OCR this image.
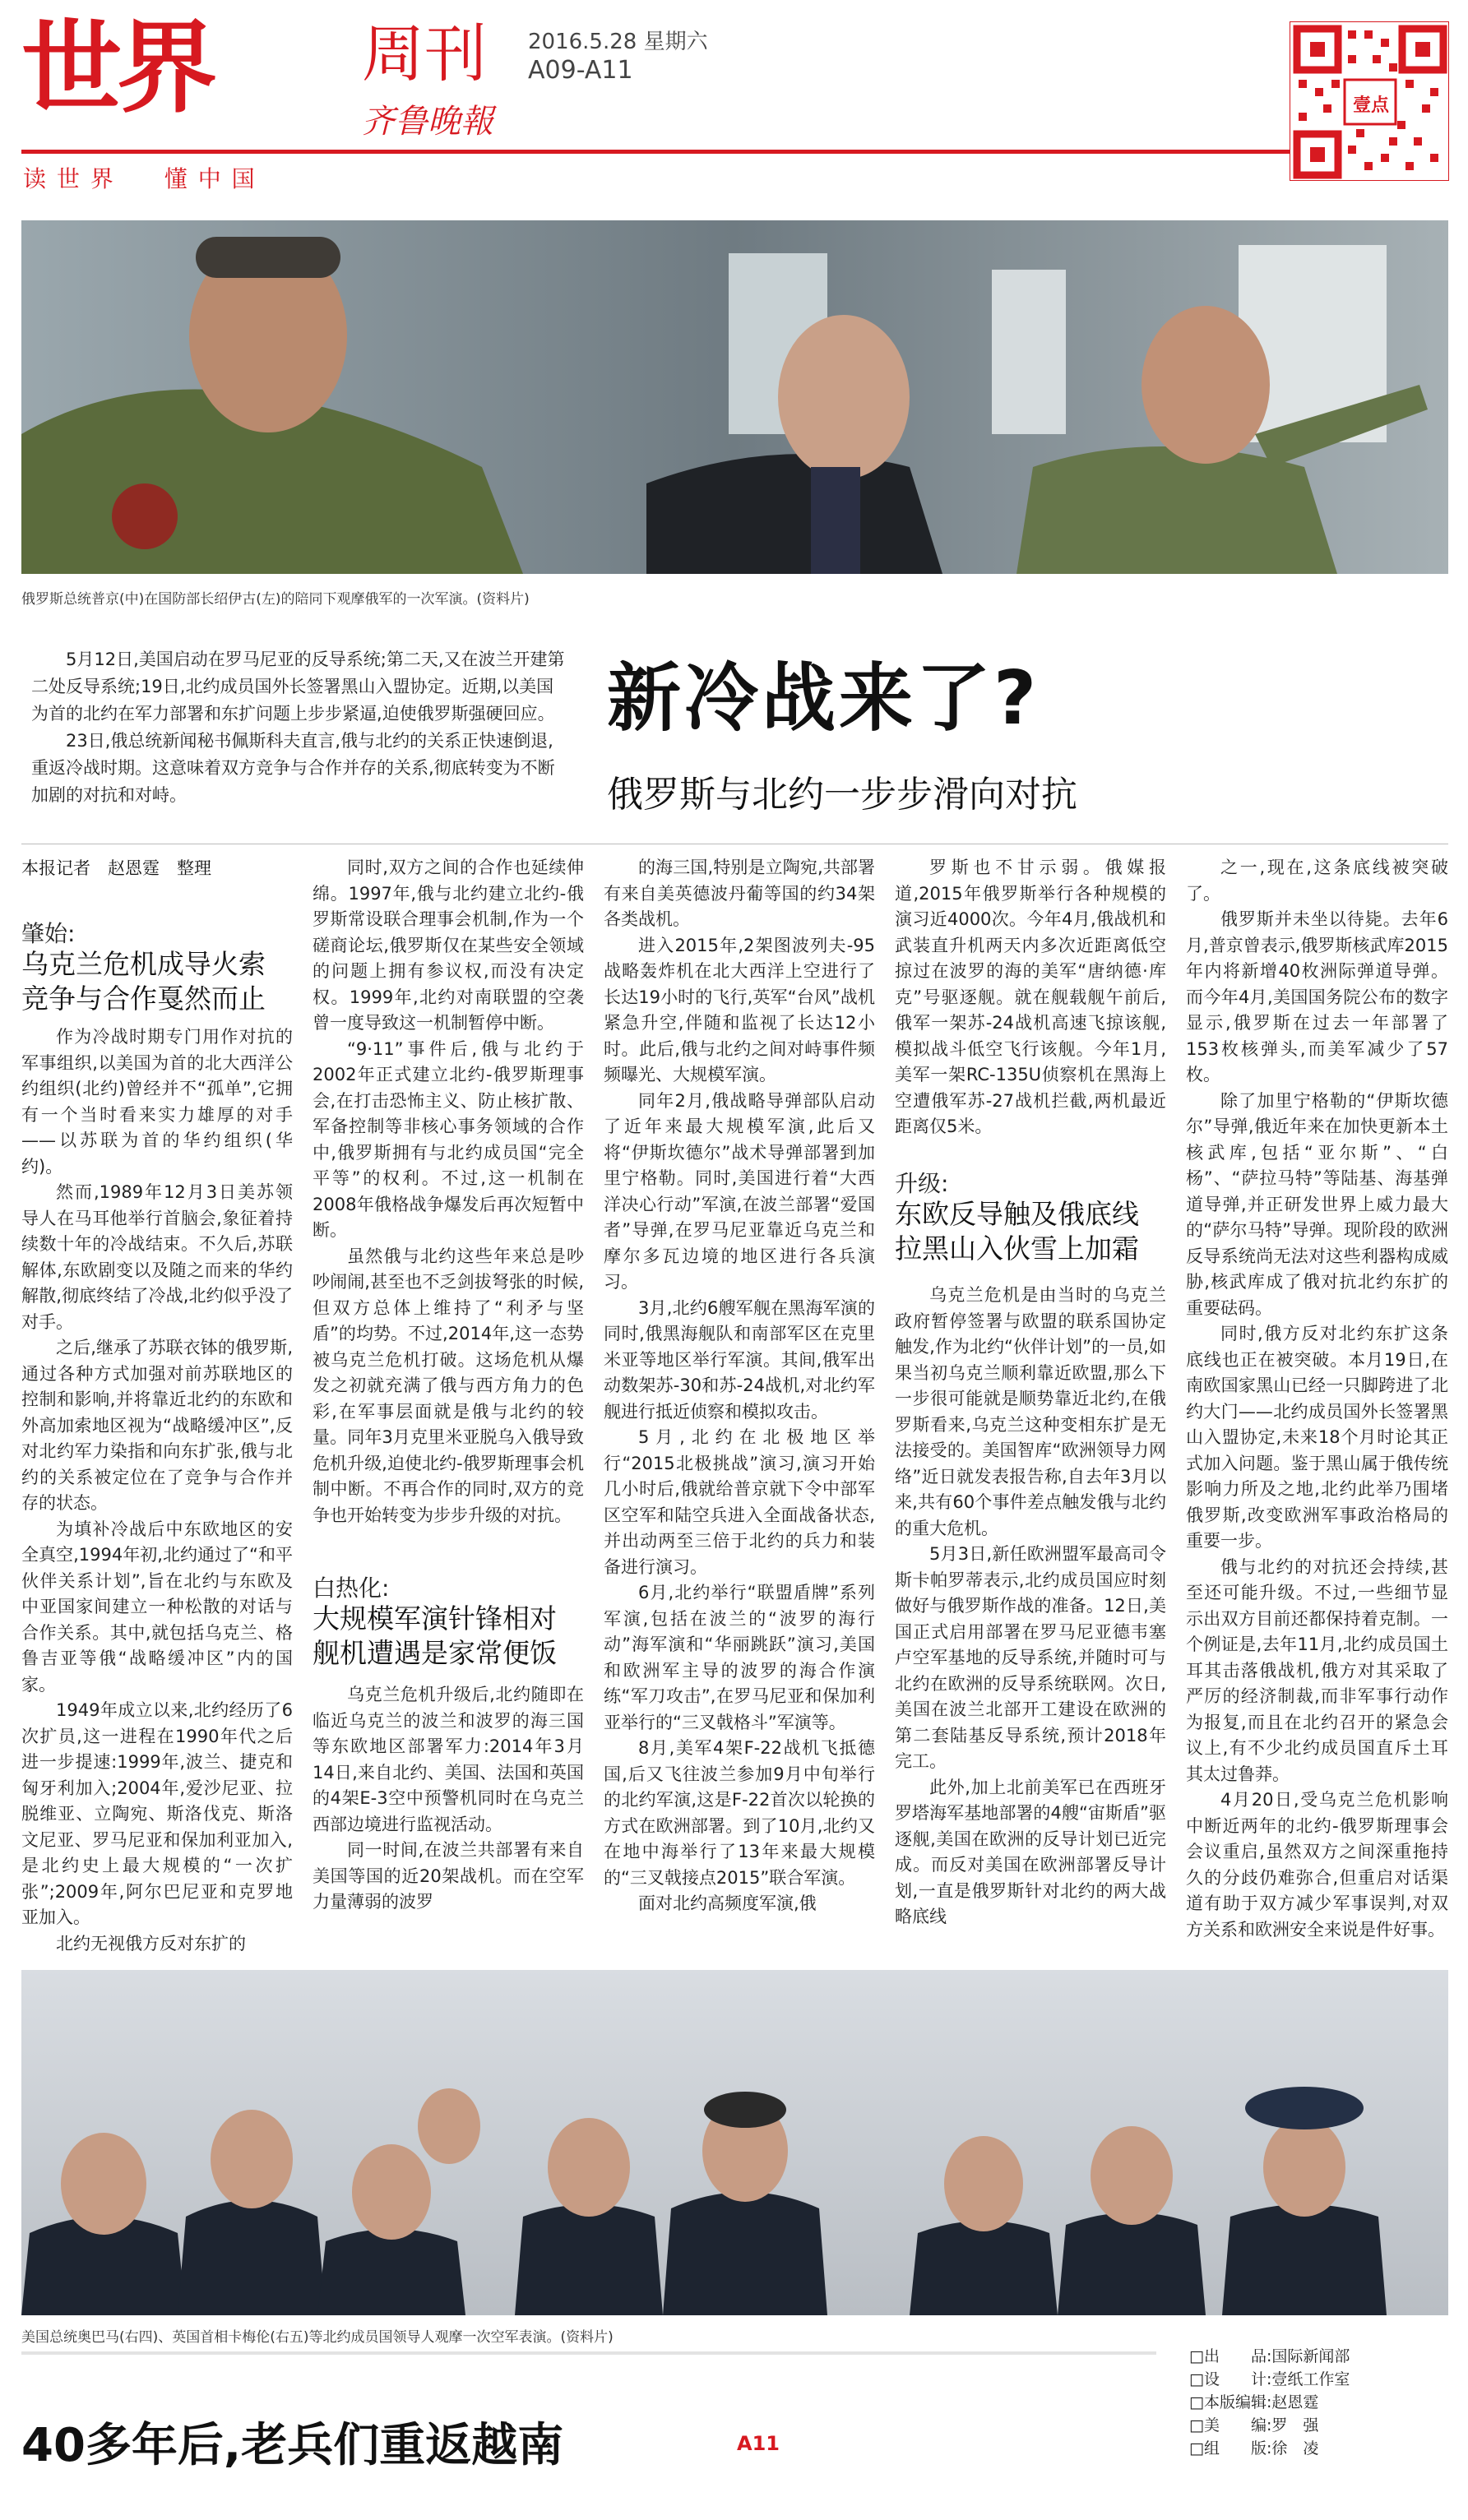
世界 周刊
齐鲁晚報
2016.5.28 星期六
A09-A11
读 世 界　　懂 中 国
壹点
俄罗斯总统普京(中)在国防部长绍伊古(左)的陪同下观摩俄军的一次军演。(资料片)

5月12日,美国启动在罗马尼亚的反导系统;第二天,又在波兰开建第二处反导系统;19日,北约成员国外长签署黑山入盟协定。近期,以美国为首的北约在军力部署和东扩问题上步步紧逼,迫使俄罗斯强硬回应。

23日,俄总统新闻秘书佩斯科夫直言,俄与北约的关系正快速倒退,重返冷战时期。这意味着双方竞争与合作并存的关系,彻底转变为不断加剧的对抗和对峙。

新冷战来了?
俄罗斯与北约一步步滑向对抗
本报记者　赵恩霆　整理
肇始:
乌克兰危机成导火索 竞争与合作戛然而止

作为冷战时期专门用作对抗的军事组织,以美国为首的北大西洋公约组织(北约)曾经并不“孤单”,它拥有一个当时看来实力雄厚的对手——以苏联为首的华约组织(华约)。

然而,1989年12月3日美苏领导人在马耳他举行首脑会,象征着持续数十年的冷战结束。不久后,苏联解体,东欧剧变以及随之而来的华约解散,彻底终结了冷战,北约似乎没了对手。

之后,继承了苏联衣钵的俄罗斯,通过各种方式加强对前苏联地区的控制和影响,并将靠近北约的东欧和外高加索地区视为“战略缓冲区”,反对北约军力染指和向东扩张,俄与北约的关系被定位在了竞争与合作并存的状态。

为填补冷战后中东欧地区的安全真空,1994年初,北约通过了“和平伙伴关系计划”,旨在北约与东欧及中亚国家间建立一种松散的对话与合作关系。其中,就包括乌克兰、格鲁吉亚等俄“战略缓冲区”内的国家。

1949年成立以来,北约经历了6次扩员,这一进程在1990年代之后进一步提速:1999年,波兰、捷克和匈牙利加入;2004年,爱沙尼亚、拉脱维亚、立陶宛、斯洛伐克、斯洛文尼亚、罗马尼亚和保加利亚加入,是北约史上最大规模的“一次扩张”;2009年,阿尔巴尼亚和克罗地亚加入。

北约无视俄方反对东扩的

同时,双方之间的合作也延续伸绵。1997年,俄与北约建立北约-俄罗斯常设联合理事会机制,作为一个磋商论坛,俄罗斯仅在某些安全领域的问题上拥有参议权,而没有决定权。1999年,北约对南联盟的空袭曾一度导致这一机制暂停中断。

“9·11”事件后,俄与北约于2002年正式建立北约-俄罗斯理事会,在打击恐怖主义、防止核扩散、军备控制等非核心事务领域的合作中,俄罗斯拥有与北约成员国“完全平等”的权利。不过,这一机制在2008年俄格战争爆发后再次短暂中断。

虽然俄与北约这些年来总是吵吵闹闹,甚至也不乏剑拔弩张的时候,但双方总体上维持了“利矛与坚盾”的均势。不过,2014年,这一态势被乌克兰危机打破。这场危机从爆发之初就充满了俄与西方角力的色彩,在军事层面就是俄与北约的较量。同年3月克里米亚脱乌入俄导致危机升级,迫使北约-俄罗斯理事会机制中断。不再合作的同时,双方的竞争也开始转变为步步升级的对抗。

白热化:
大规模军演针锋相对 舰机遭遇是家常便饭

乌克兰危机升级后,北约随即在临近乌克兰的波兰和波罗的海三国等东欧地区部署军力:2014年3月14日,来自北约、美国、法国和英国的4架E-3空中预警机同时在乌克兰西部边境进行监视活动。

同一时间,在波兰共部署有来自美国等国的近20架战机。而在空军力量薄弱的波罗

的海三国,特别是立陶宛,共部署有来自美英德波丹葡等国的约34架各类战机。

进入2015年,2架图波列夫-95战略轰炸机在北大西洋上空进行了长达19小时的飞行,英军“台风”战机紧急升空,伴随和监视了长达12小时。此后,俄与北约之间对峙事件频频曝光、大规模军演。

同年2月,俄战略导弹部队启动了近年来最大规模军演,此后又将“伊斯坎德尔”战术导弹部署到加里宁格勒。同时,美国进行着“大西洋决心行动”军演,在波兰部署“爱国者”导弹,在罗马尼亚靠近乌克兰和摩尔多瓦边境的地区进行各兵演习。

3月,北约6艘军舰在黑海军演的同时,俄黑海舰队和南部军区在克里米亚等地区举行军演。其间,俄军出动数架苏-30和苏-24战机,对北约军舰进行抵近侦察和模拟攻击。

5月,北约在北极地区举行“2015北极挑战”演习,演习开始几小时后,俄就给普京就下令中部军区空军和陆空兵进入全面战备状态,并出动两至三倍于北约的兵力和装备进行演习。

6月,北约举行“联盟盾牌”系列军演,包括在波兰的“波罗的海行动”海军演和“华丽跳跃”演习,美国和欧洲军主导的波罗的海合作演练“军刀攻击”,在罗马尼亚和保加利亚举行的“三叉戟格斗”军演等。

8月,美军4架F-22战机飞抵德国,后又飞往波兰参加9月中旬举行的北约军演,这是F-22首次以轮换的方式在欧洲部署。到了10月,北约又在地中海举行了13年来最大规模的“三叉戟接点2015”联合军演。

面对北约高频度军演,俄

罗斯也不甘示弱。俄媒报道,2015年俄罗斯举行各种规模的演习近4000次。今年4月,俄战机和武装直升机两天内多次近距离低空掠过在波罗的海的美军“唐纳德·库克”号驱逐舰。就在舰载舰午前后,俄军一架苏-24战机高速飞掠该舰,模拟战斗低空飞行该舰。今年1月,美军一架RC-135U侦察机在黑海上空遭俄军苏-27战机拦截,两机最近距离仅5米。

升级:
东欧反导触及俄底线 拉黑山入伙雪上加霜

乌克兰危机是由当时的乌克兰政府暂停签署与欧盟的联系国协定触发,作为北约“伙伴计划”的一员,如果当初乌克兰顺利靠近欧盟,那么下一步很可能就是顺势靠近北约,在俄罗斯看来,乌克兰这种变相东扩是无法接受的。美国智库“欧洲领导力网络”近日就发表报告称,自去年3月以来,共有60个事件差点触发俄与北约的重大危机。

5月3日,新任欧洲盟军最高司令斯卡帕罗蒂表示,北约成员国应时刻做好与俄罗斯作战的准备。12日,美国正式启用部署在罗马尼亚德韦塞卢空军基地的反导系统,并随时可与北约在欧洲的反导系统联网。次日,美国在波兰北部开工建设在欧洲的第二套陆基反导系统,预计2018年完工。

此外,加上北前美军已在西班牙罗塔海军基地部署的4艘“宙斯盾”驱逐舰,美国在欧洲的反导计划已近完成。而反对美国在欧洲部署反导计划,一直是俄罗斯针对北约的两大战略底线

之一,现在,这条底线被突破了。

俄罗斯并未坐以待毙。去年6月,普京曾表示,俄罗斯核武库2015年内将新增40枚洲际弹道导弹。而今年4月,美国国务院公布的数字显示,俄罗斯在过去一年部署了153枚核弹头,而美军减少了57枚。

除了加里宁格勒的“伊斯坎德尔”导弹,俄近年来在加快更新本土核武库,包括“亚尔斯”、“白杨”、“萨拉马特”等陆基、海基弹道导弹,并正研发世界上威力最大的“萨尔马特”导弹。现阶段的欧洲反导系统尚无法对这些利器构成威胁,核武库成了俄对抗北约东扩的重要砝码。

同时,俄方反对北约东扩这条底线也正在被突破。本月19日,在南欧国家黑山已经一只脚跨进了北约大门——北约成员国外长签署黑山入盟协定,未来18个月时论其正式加入问题。鉴于黑山属于俄传统影响力所及之地,北约此举乃围堵俄罗斯,改变欧洲军事政治格局的重要一步。

俄与北约的对抗还会持续,甚至还可能升级。不过,一些细节显示出双方目前还都保持着克制。一个例证是,去年11月,北约成员国土耳其击落俄战机,俄方对其采取了严厉的经济制裁,而非军事行动作为报复,而且在北约召开的紧急会议上,有不少北约成员国直斥土耳其太过鲁莽。

4月20日,受乌克兰危机影响中断近两年的北约-俄罗斯理事会会议重启,虽然双方之间深重拖持久的分歧仍难弥合,但重启对话渠道有助于双方减少军事误判,对双方关系和欧洲安全来说是件好事。

美国总统奥巴马(右四)、英国首相卡梅伦(右五)等北约成员国领导人观摩一次空军表演。(资料片)
40多年后,老兵们重返越南	A11
□出　　品:国际新闻部
□设　　计:壹纸工作室
□本版编辑:赵恩霆
□美　　编:罗　强
□组　　版:徐　凌
